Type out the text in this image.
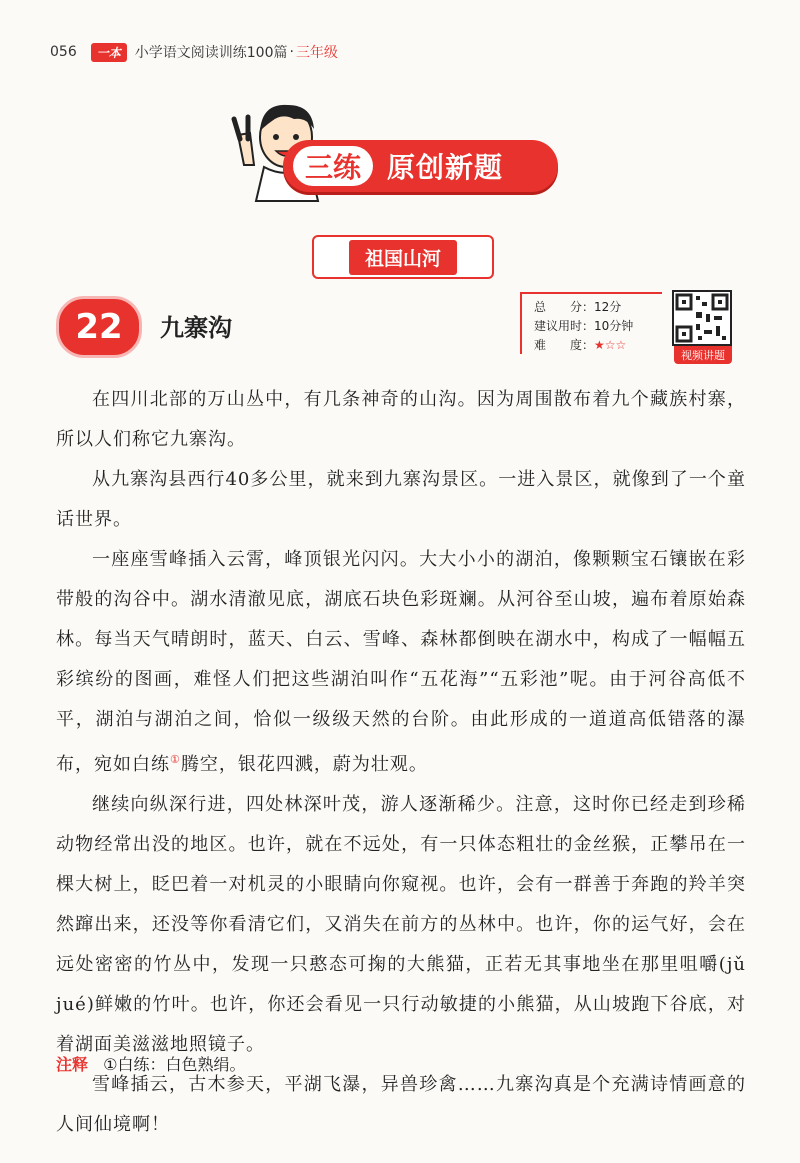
056	一本	小学语文阅读训练100篇 · 三年级
三 练 原创新题
祖国山河
22	九寨沟
总　　分：12分
建议用时：10分钟
难　　度：★☆☆
视频讲题

在四川北部的万山丛中，有几条神奇的山沟。因为周围散布着九个藏族村寨，所以人们称它九寨沟。

从九寨沟县西行40多公里，就来到九寨沟景区。一进入景区，就像到了一个童话世界。

一座座雪峰插入云霄，峰顶银光闪闪。大大小小的湖泊，像颗颗宝石镶嵌在彩带般的沟谷中。湖水清澈见底，湖底石块色彩斑斓。从河谷至山坡，遍布着原始森林。每当天气晴朗时，蓝天、白云、雪峰、森林都倒映在湖水中，构成了一幅幅五彩缤纷的图画，难怪人们把这些湖泊叫作“五花海”“五彩池”呢。由于河谷高低不平，湖泊与湖泊之间，恰似一级级天然的台阶。由此形成的一道道高低错落的瀑布，宛如白练①腾空，银花四溅，蔚为壮观。

继续向纵深行进，四处林深叶茂，游人逐渐稀少。注意，这时你已经走到珍稀动物经常出没的地区。也许，就在不远处，有一只体态粗壮的金丝猴，正攀吊在一棵大树上，眨巴着一对机灵的小眼睛向你窥视。也许，会有一群善于奔跑的羚羊突然蹿出来，还没等你看清它们，又消失在前方的丛林中。也许，你的运气好，会在远处密密的竹丛中，发现一只憨态可掬的大熊猫，正若无其事地坐在那里咀嚼(jǔ jué)鲜嫩的竹叶。也许，你还会看见一只行动敏捷的小熊猫，从山坡跑下谷底，对着湖面美滋滋地照镜子。

雪峰插云，古木参天，平湖飞瀑，异兽珍禽……九寨沟真是个充满诗情画意的人间仙境啊！

注释 ①白练：白色熟绢。
